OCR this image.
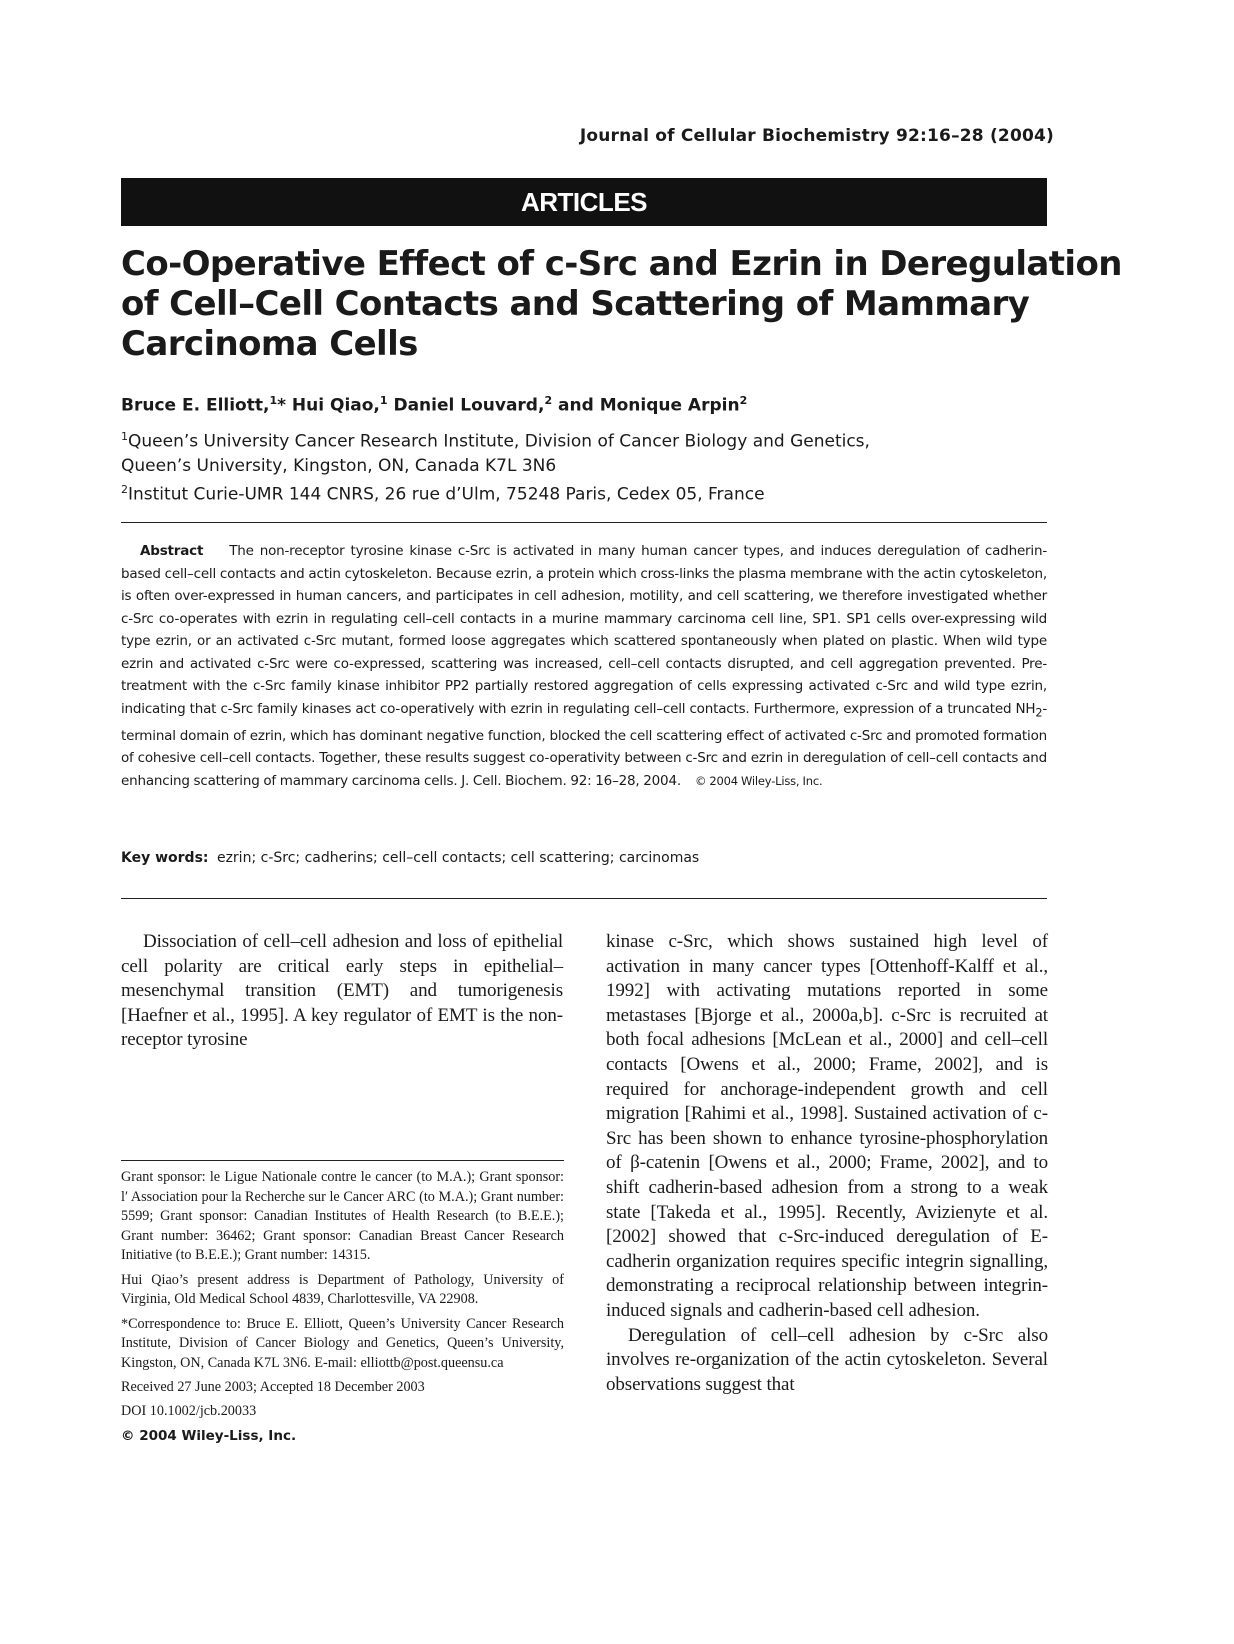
Journal of Cellular Biochemistry 92:16–28 (2004)
ARTICLES
Co-Operative Effect of c-Src and Ezrin in Deregulation
of Cell–Cell Contacts and Scattering of Mammary
Carcinoma Cells
Bruce E. Elliott,$^1$* Hui Qiao,$^1$ Daniel Louvard,$^2$ and Monique Arpin$^2$
$^1$Queen’s University Cancer Research Institute, Division of Cancer Biology and Genetics,
Queen’s University, Kingston, ON, Canada K7L 3N6
$^2$Institut Curie-UMR 144 CNRS, 26 rue d’Ulm, 75248 Paris, Cedex 05, France

Abstract The non-receptor tyrosine kinase c-Src is activated in many human cancer types, and induces deregulation of cadherin-based cell–cell contacts and actin cytoskeleton. Because ezrin, a protein which cross-links the plasma membrane with the actin cytoskeleton, is often over-expressed in human cancers, and participates in cell adhesion, motility, and cell scattering, we therefore investigated whether c-Src co-operates with ezrin in regulating cell–cell contacts in a murine mammary carcinoma cell line, SP1. SP1 cells over-expressing wild type ezrin, or an activated c-Src mutant, formed loose aggregates which scattered spontaneously when plated on plastic. When wild type ezrin and activated c-Src were co-expressed, scattering was increased, cell–cell contacts disrupted, and cell aggregation prevented. Pre-treatment with the c-Src family kinase inhibitor PP2 partially restored aggregation of cells expressing activated c-Src and wild type ezrin, indicating that c-Src family kinases act co-operatively with ezrin in regulating cell–cell contacts. Furthermore, expression of a truncated $NH_2$-terminal domain of ezrin, which has dominant negative function, blocked the cell scattering effect of activated c-Src and promoted formation of cohesive cell–cell contacts. Together, these results suggest co-operativity between c-Src and ezrin in deregulation of cell–cell contacts and enhancing scattering of mammary carcinoma cells. J. Cell. Biochem. 92: 16–28, 2004. © 2004 Wiley-Liss, Inc.

Key words: ezrin; c-Src; cadherins; cell–cell contacts; cell scattering; carcinomas

Dissociation of cell–cell adhesion and loss of epithelial cell polarity are critical early steps in epithelial–mesenchymal transition (EMT) and tumorigenesis [Haefner et al., 1995]. A key regulator of EMT is the non-receptor tyrosine

kinase c-Src, which shows sustained high level of activation in many cancer types [Ottenhoff-Kalff et al., 1992] with activating mutations reported in some metastases [Bjorge et al., 2000a,b]. c-Src is recruited at both focal adhesions [McLean et al., 2000] and cell–cell contacts [Owens et al., 2000; Frame, 2002], and is required for anchorage-independent growth and cell migration [Rahimi et al., 1998]. Sustained activation of c-Src has been shown to enhance tyrosine-phosphorylation of β-catenin [Owens et al., 2000; Frame, 2002], and to shift cadherin-based adhesion from a strong to a weak state [Takeda et al., 1995]. Recently, Avizienyte et al. [2002] showed that c-Src-induced deregulation of E-cadherin organization requires specific integrin signalling, demonstrating a reciprocal relationship between integrin-induced signals and cadherin-based cell adhesion.

Deregulation of cell–cell adhesion by c-Src also involves re-organization of the actin cytoskeleton. Several observations suggest that

Grant sponsor: le Ligue Nationale contre le cancer (to M.A.); Grant sponsor: l′ Association pour la Recherche sur le Cancer ARC (to M.A.); Grant number: 5599; Grant sponsor: Canadian Institutes of Health Research (to B.E.E.); Grant number: 36462; Grant sponsor: Canadian Breast Cancer Research Initiative (to B.E.E.); Grant number: 14315.

Hui Qiao’s present address is Department of Pathology, University of Virginia, Old Medical School 4839, Charlottesville, VA 22908.

*Correspondence to: Bruce E. Elliott, Queen’s University Cancer Research Institute, Division of Cancer Biology and Genetics, Queen’s University, Kingston, ON, Canada K7L 3N6. E-mail: elliottb@post.queensu.ca

Received 27 June 2003; Accepted 18 December 2003

DOI 10.1002/jcb.20033

© 2004 Wiley-Liss, Inc.
